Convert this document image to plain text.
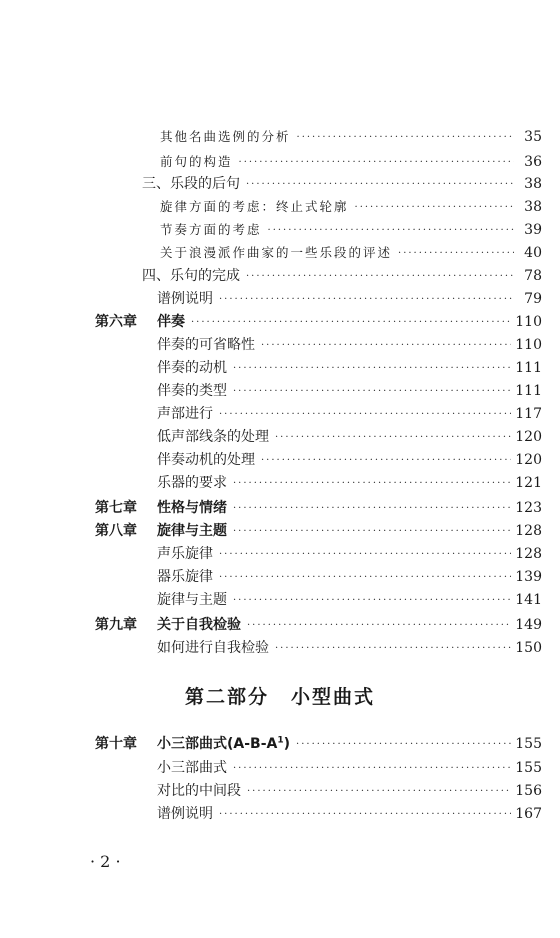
其他名曲选例的分析 ·····	35
前句的构造 ·····	36
三、乐段的后句 ·····	38
旋律方面的考虑：终止式轮廓 ·····	38
节奏方面的考虑 ·····	39
关于浪漫派作曲家的一些乐段的评述 ·····	40
四、乐句的完成 ·····	78
谱例说明 ·····	79
第六章 伴奏 ·····	110
伴奏的可省略性 ·····	110
伴奏的动机 ·····	111
伴奏的类型 ·····	111
声部进行 ·····	117
低声部线条的处理 ·····	120
伴奏动机的处理 ·····	120
乐器的要求 ·····	121
第七章 性格与情绪 ·····	123
第八章 旋律与主题 ·····	128
声乐旋律 ·····	128
器乐旋律 ·····	139
旋律与主题 ·····	141
第九章 关于自我检验 ·····	149
如何进行自我检验 ·····	150
第十章 小三部曲式$(A-B-A^1)$ ·····	155
小三部曲式 ·····	155
对比的中间段 ·····	156
谱例说明 ·····	167
第二部分 小型曲式
· 2 ·
